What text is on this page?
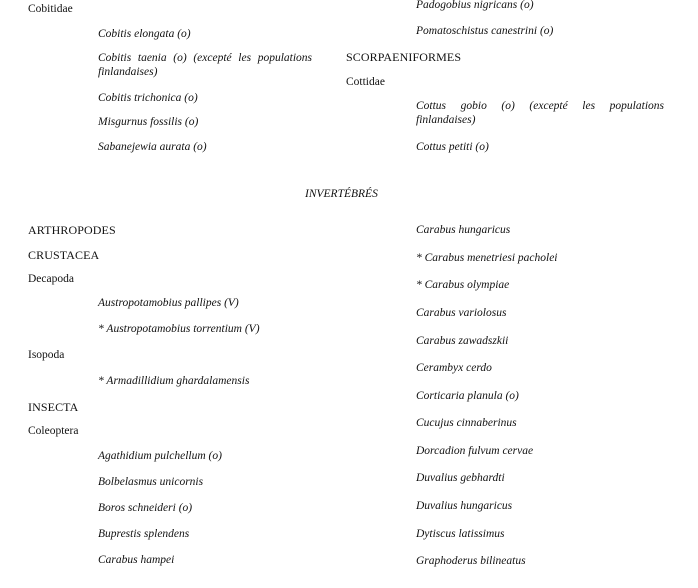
Cobitidae
Cobitis elongata (o)
Cobitis taenia (o) (excepté les populations finlandaises)
Cobitis trichonica (o)
Misgurnus fossilis (o)
Sabanejewia aurata (o)
Padogobius nigricans (o)
Pomatoschistus canestrini (o)
SCORPAENIFORMES
Cottidae
Cottus gobio (o) (excepté les populations finlandaises)
Cottus petiti (o)
INVERTÉBRÉS
ARTHROPODES
CRUSTACEA
Decapoda
Austropotamobius pallipes (V)
* Austropotamobius torrentium (V)
Isopoda
* Armadillidium ghardalamensis
INSECTA
Coleoptera
Agathidium pulchellum (o)
Bolbelasmus unicornis
Boros schneideri (o)
Buprestis splendens
Carabus hampei
Carabus hungaricus
* Carabus menetriesi pacholei
* Carabus olympiae
Carabus variolosus
Carabus zawadszkii
Cerambyx cerdo
Corticaria planula (o)
Cucujus cinnaberinus
Dorcadion fulvum cervae
Duvalius gebhardti
Duvalius hungaricus
Dytiscus latissimus
Graphoderus bilineatus
